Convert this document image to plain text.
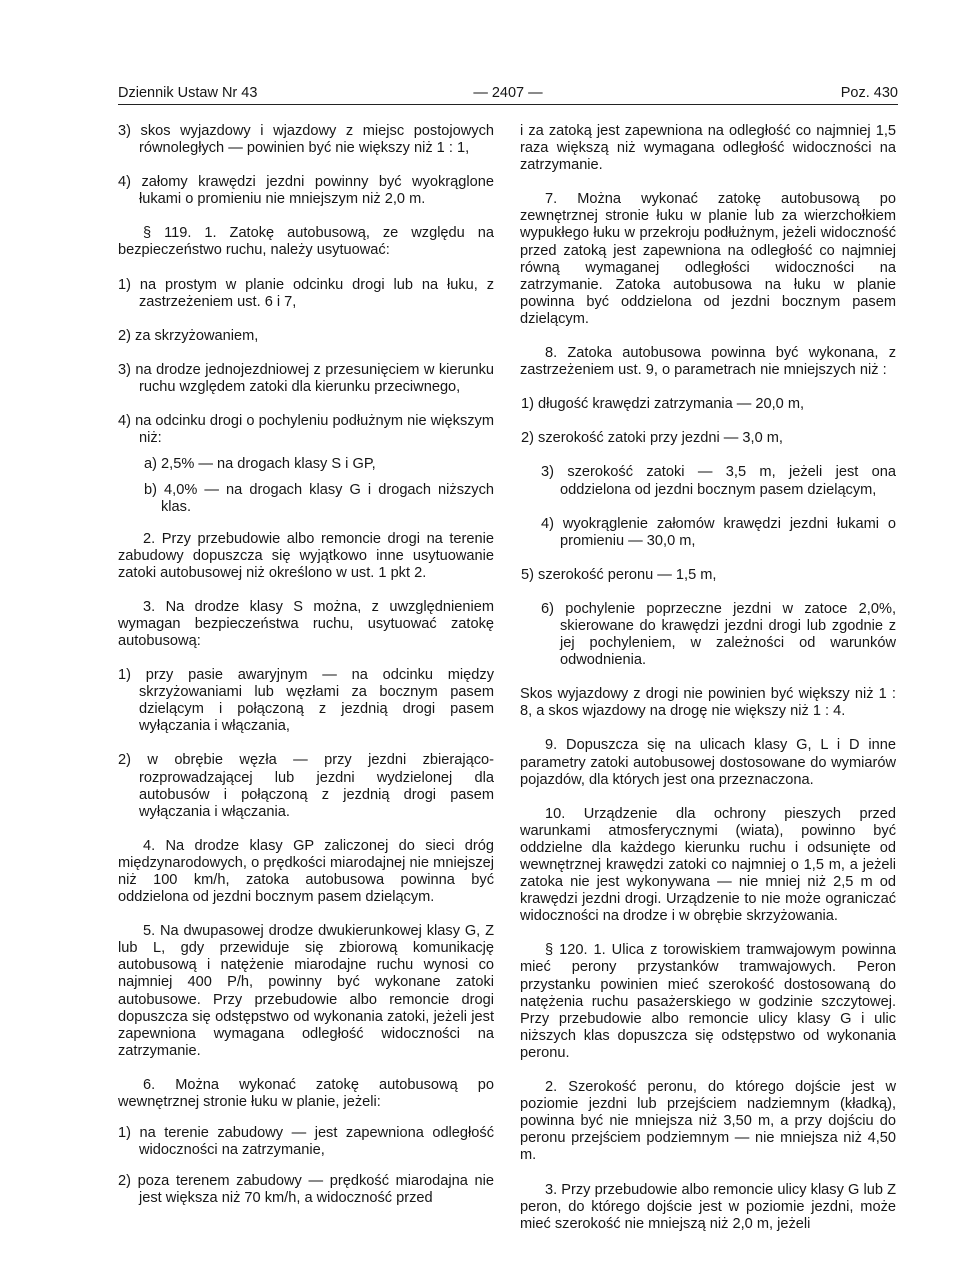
Dziennik Ustaw Nr 43	— 2407 —	Poz. 430

3) skos wyjazdowy i wjazdowy z miejsc postojowych równoległych — powinien być nie większy niż 1 : 1,

4) załomy krawędzi jezdni powinny być wyokrąglone łukami o promieniu nie mniejszym niż 2,0 m.

§ 119. 1. Zatokę autobusową, ze względu na bezpieczeństwo ruchu, należy usytuować:

1) na prostym w planie odcinku drogi lub na łuku, z zastrzeżeniem ust. 6 i 7,

2) za skrzyżowaniem,

3) na drodze jednojezdniowej z przesunięciem w kierunku ruchu względem zatoki dla kierunku przeciwnego,

4) na odcinku drogi o pochyleniu podłużnym nie większym niż:

a) 2,5% — na drogach klasy S i GP,

b) 4,0% — na drogach klasy G i drogach niższych klas.

2. Przy przebudowie albo remoncie drogi na terenie zabudowy dopuszcza się wyjątkowo inne usytuowanie zatoki autobusowej niż określono w ust. 1 pkt 2.

3. Na drodze klasy S można, z uwzględnieniem wymagan bezpieczeństwa ruchu, usytuować zatokę autobusową:

1) przy pasie awaryjnym — na odcinku między skrzyżowaniami lub węzłami za bocznym pasem dzielącym i połączoną z jezdnią drogi pasem wyłączania i włączania,

2) w obrębie węzła — przy jezdni zbierająco-rozprowadzającej lub jezdni wydzielonej dla autobusów i połączoną z jezdnią drogi pasem wyłączania i włączania.

4. Na drodze klasy GP zaliczonej do sieci dróg międzynarodowych, o prędkości miarodajnej nie mniejszej niż 100 km/h, zatoka autobusowa powinna być oddzielona od jezdni bocznym pasem dzielącym.

5. Na dwupasowej drodze dwukierunkowej klasy G, Z lub L, gdy przewiduje się zbiorową komunikację autobusową i natężenie miarodajne ruchu wynosi co najmniej 400 P/h, powinny być wykonane zatoki autobusowe. Przy przebudowie albo remoncie drogi dopuszcza się odstępstwo od wykonania zatoki, jeżeli jest zapewniona wymagana odległość widoczności na zatrzymanie.

6. Można wykonać zatokę autobusową po wewnętrznej stronie łuku w planie, jeżeli:

1) na terenie zabudowy — jest zapewniona odległość widoczności na zatrzymanie,

2) poza terenem zabudowy — prędkość miarodajna nie jest większa niż 70 km/h, a widoczność przed

i za zatoką jest zapewniona na odległość co najmniej 1,5 raza większą niż wymagana odległość widoczności na zatrzymanie.

7. Można wykonać zatokę autobusową po zewnętrznej stronie łuku w planie lub za wierzchołkiem wypukłego łuku w przekroju podłużnym, jeżeli widoczność przed zatoką jest zapewniona na odległość co najmniej równą wymaganej odległości widoczności na zatrzymanie. Zatoka autobusowa na łuku w planie powinna być oddzielona od jezdni bocznym pasem dzielącym.

8. Zatoka autobusowa powinna być wykonana, z zastrzeżeniem ust. 9, o parametrach nie mniejszych niż :

1) długość krawędzi zatrzymania — 20,0 m,

2) szerokość zatoki przy jezdni — 3,0 m,

3) szerokość zatoki — 3,5 m, jeżeli jest ona oddzielona od jezdni bocznym pasem dzielącym,

4) wyokrąglenie załomów krawędzi jezdni łukami o promieniu — 30,0 m,

5) szerokość peronu — 1,5 m,

6) pochylenie poprzeczne jezdni w zatoce 2,0%, skierowane do krawędzi jezdni drogi lub zgodnie z jej pochyleniem, w zależności od warunków odwodnienia.

Skos wyjazdowy z drogi nie powinien być większy niż 1 : 8, a skos wjazdowy na drogę nie większy niż 1 : 4.

9. Dopuszcza się na ulicach klasy G, L i D inne parametry zatoki autobusowej dostosowane do wymiarów pojazdów, dla których jest ona przeznaczona.

10. Urządzenie dla ochrony pieszych przed warunkami atmosferycznymi (wiata), powinno być oddzielne dla każdego kierunku ruchu i odsunięte od wewnętrznej krawędzi zatoki co najmniej o 1,5 m, a jeżeli zatoka nie jest wykonywana — nie mniej niż 2,5 m od krawędzi jezdni drogi. Urządzenie to nie może ograniczać widoczności na drodze i w obrębie skrzyżowania.

§ 120. 1. Ulica z torowiskiem tramwajowym powinna mieć perony przystanków tramwajowych. Peron przystanku powinien mieć szerokość dostosowaną do natężenia ruchu pasażerskiego w godzinie szczytowej. Przy przebudowie albo remoncie ulicy klasy G i ulic niższych klas dopuszcza się odstępstwo od wykonania peronu.

2. Szerokość peronu, do którego dojście jest w poziomie jezdni lub przejściem nadziemnym (kładką), powinna być nie mniejsza niż 3,50 m, a przy dojściu do peronu przejściem podziemnym — nie mniejsza niż 4,50 m.

3. Przy przebudowie albo remoncie ulicy klasy G lub Z peron, do którego dojście jest w poziomie jezdni, może mieć szerokość nie mniejszą niż 2,0 m, jeżeli
